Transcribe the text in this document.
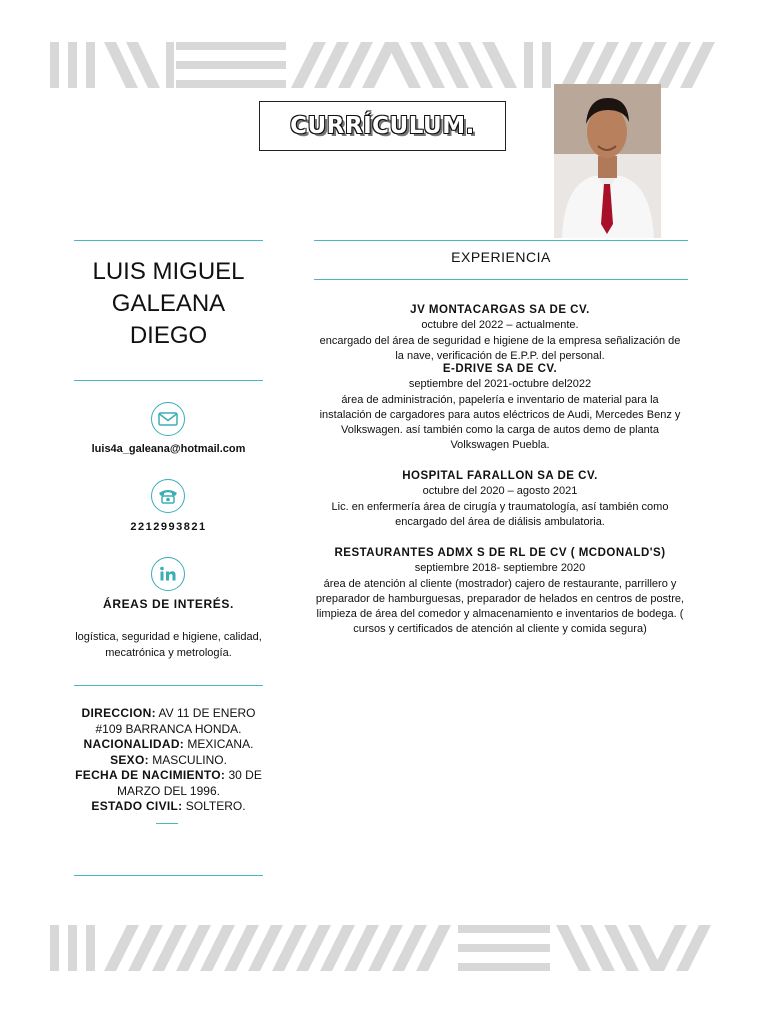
CURRÍCULUM.
LUIS MIGUEL
GALEANA
DIEGO
luis4a_galeana@hotmail.com
2212993821
ÁREAS DE INTERÉS.
logística, seguridad e higiene, calidad, mecatrónica y metrología.
DIRECCION: AV 11 DE ENERO #109 BARRANCA HONDA.
NACIONALIDAD: MEXICANA.
SEXO: MASCULINO.
FECHA DE NACIMIENTO: 30 DE MARZO DEL 1996.
ESTADO CIVIL: SOLTERO.
EXPERIENCIA
JV MONTACARGAS SA DE CV.
octubre del 2022 – actualmente.
encargado del área de seguridad e higiene de la empresa señalización de la nave, verificación de E.P.P. del personal.
E-DRIVE SA DE CV.
septiembre del 2021-octubre del2022
área de administración, papelería e inventario de material para la instalación de cargadores para autos eléctricos de Audi, Mercedes Benz y Volkswagen. así también como la carga de autos demo de planta Volkswagen Puebla.
HOSPITAL FARALLON SA DE CV.
octubre del 2020 – agosto 2021
Lic. en enfermería área de cirugía y traumatología, así también como encargado del área de diálisis ambulatoria.
RESTAURANTES ADMX S DE RL DE CV ( MCDONALD'S)
septiembre 2018- septiembre 2020
área de atención al cliente (mostrador) cajero de restaurante, parrillero y preparador de hamburguesas, preparador de helados en centros de postre, limpieza de área del comedor y almacenamiento e inventarios de bodega. ( cursos y certificados de atención al cliente y comida segura)
